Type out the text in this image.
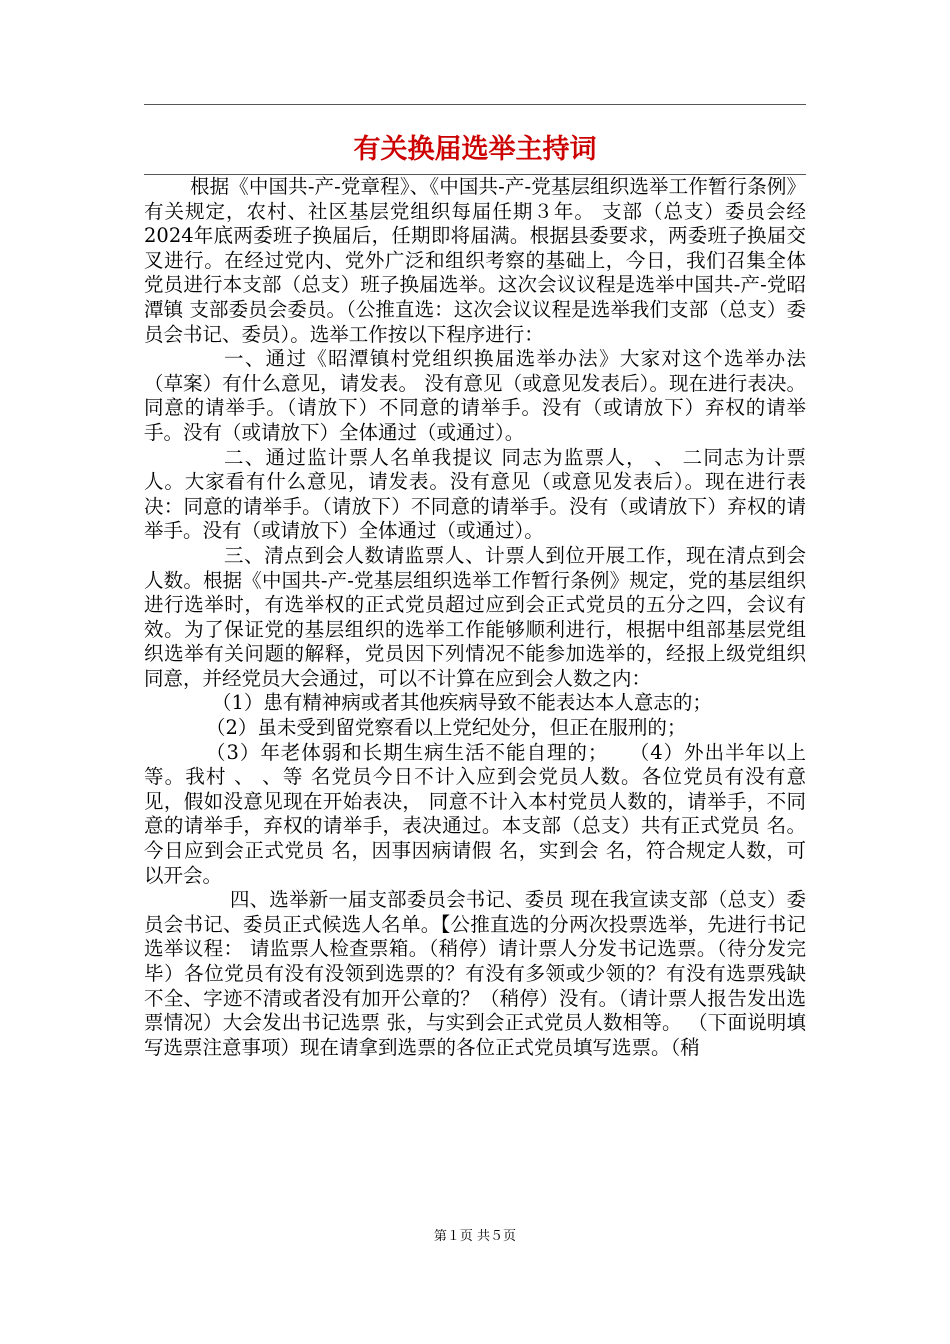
有关换届选举主持词

根据《中国共-产-党章程》、《中国共-产-党基层组织选举工作暂行条例》有关规定，农村、社区基层党组织每届任期３年。 支部（总支）委员会经2024年底两委班子换届后，任期即将届满。根据县委要求，两委班子换届交叉进行。在经过党内、党外广泛和组织考察的基础上，今日，我们召集全体党员进行本支部（总支）班子换届选举。这次会议议程是选举中国共-产-党昭潭镇 支部委员会委员。（公推直选：这次会议议程是选举我们支部（总支）委员会书记、委员）。选举工作按以下程序进行：

一、通过《昭潭镇村党组织换届选举办法》大家对这个选举办法（草案）有什么意见，请发表。 没有意见（或意见发表后）。现在进行表决。同意的请举手。（请放下）不同意的请举手。没有（或请放下）弃权的请举手。没有（或请放下）全体通过（或通过）。

二、通过监计票人名单我提议 同志为监票人， 、 二同志为计票人。大家看有什么意见，请发表。没有意见（或意见发表后）。现在进行表决：同意的请举手。（请放下）不同意的请举手。没有（或请放下）弃权的请举手。没有（或请放下）全体通过（或通过）。

三、清点到会人数请监票人、计票人到位开展工作，现在清点到会人数。根据《中国共-产-党基层组织选举工作暂行条例》规定，党的基层组织进行选举时，有选举权的正式党员超过应到会正式党员的五分之四，会议有效。为了保证党的基层组织的选举工作能够顺利进行，根据中组部基层党组织选举有关问题的解释，党员因下列情况不能参加选举的，经报上级党组织同意，并经党员大会通过，可以不计算在应到会人数之内：

（1）患有精神病或者其他疾病导致不能表达本人意志的；

（2）虽未受到留党察看以上党纪处分，但正在服刑的；

（3）年老体弱和长期生病生活不能自理的；　　（4）外出半年以上等。我村 、 、等 名党员今日不计入应到会党员人数。各位党员有没有意见，假如没意见现在开始表决， 同意不计入本村党员人数的，请举手，不同意的请举手，弃权的请举手，表决通过。本支部（总支）共有正式党员 名。今日应到会正式党员 名，因事因病请假 名，实到会 名，符合规定人数，可以开会。

四、选举新一届支部委员会书记、委员 现在我宣读支部（总支）委员会书记、委员正式候选人名单。【公推直选的分两次投票选举，先进行书记选举议程： 请监票人检查票箱。（稍停）请计票人分发书记选票。（待分发完毕）各位党员有没有没领到选票的？有没有多领或少领的？有没有选票残缺不全、字迹不清或者没有加开公章的？（稍停）没有。（请计票人报告发出选票情况）大会发出书记选票 张，与实到会正式党员人数相等。 （下面说明填写选票注意事项）现在请拿到选票的各位正式党员填写选票。（稍

第１页 共５页
